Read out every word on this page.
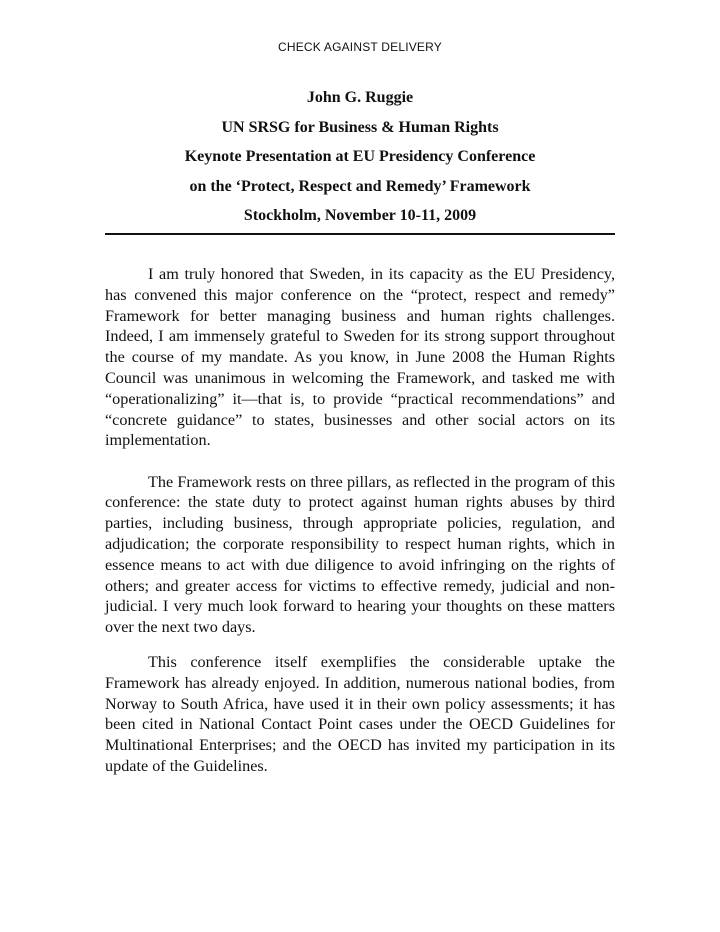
CHECK AGAINST DELIVERY
John G. Ruggie
UN SRSG for Business & Human Rights
Keynote Presentation at EU Presidency Conference
on the ‘Protect, Respect and Remedy’ Framework
Stockholm, November 10-11, 2009

I am truly honored that Sweden, in its capacity as the EU Presidency, has convened this major conference on the “protect, respect and remedy” Framework for better managing business and human rights challenges. Indeed, I am immensely grateful to Sweden for its strong support throughout the course of my mandate. As you know, in June 2008 the Human Rights Council was unanimous in welcoming the Framework, and tasked me with “operationalizing” it—that is, to provide “practical recommendations” and “concrete guidance” to states, businesses and other social actors on its implementation.

The Framework rests on three pillars, as reflected in the program of this conference: the state duty to protect against human rights abuses by third parties, including business, through appropriate policies, regulation, and adjudication; the corporate responsibility to respect human rights, which in essence means to act with due diligence to avoid infringing on the rights of others; and greater access for victims to effective remedy, judicial and non-judicial. I very much look forward to hearing your thoughts on these matters over the next two days.

This conference itself exemplifies the considerable uptake the Framework has already enjoyed. In addition, numerous national bodies, from Norway to South Africa, have used it in their own policy assessments; it has been cited in National Contact Point cases under the OECD Guidelines for Multinational Enterprises; and the OECD has invited my participation in its update of the Guidelines.
